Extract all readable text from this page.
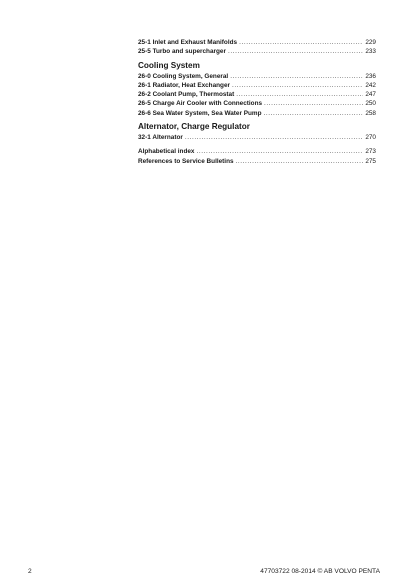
25-1 Inlet and Exhaust Manifolds .....	229
25-5 Turbo and supercharger .....	233
Cooling System
26-0 Cooling System, General .....	236
26-1 Radiator, Heat Exchanger .....	242
26-2 Coolant Pump, Thermostat .....	247
26-5 Charge Air Cooler with Connections .....	250
26-6 Sea Water System, Sea Water Pump .....	258
Alternator, Charge Regulator
32-1 Alternator .....	270
Alphabetical index .....	273
References to Service Bulletins .....	275
2	47703722 08-2014 © AB VOLVO PENTA
